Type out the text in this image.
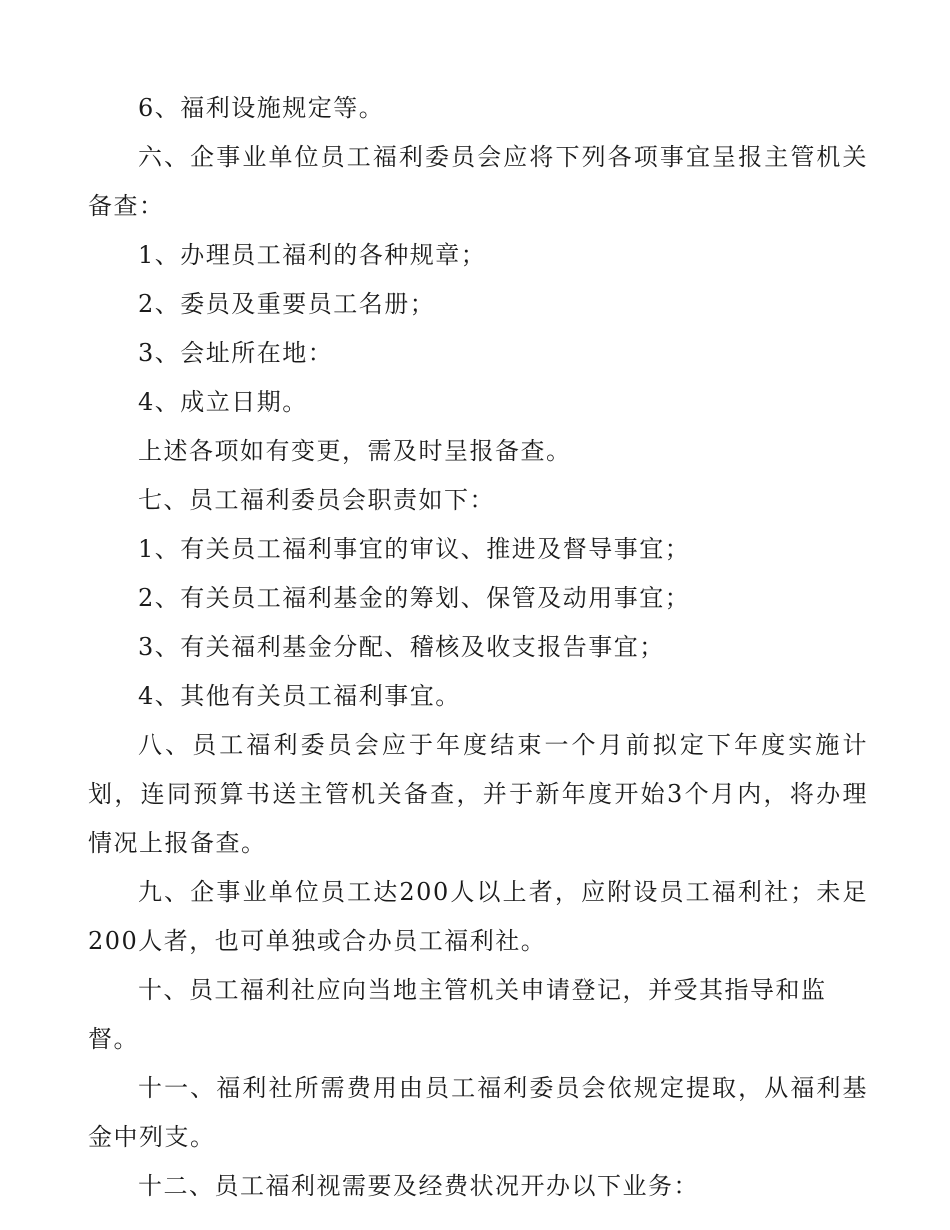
6、福利设施规定等。

六、企事业单位员工福利委员会应将下列各项事宜呈报主管机关备查：

1、办理员工福利的各种规章；

2、委员及重要员工名册；

3、会址所在地：

4、成立日期。

上述各项如有变更，需及时呈报备查。

七、员工福利委员会职责如下：

1、有关员工福利事宜的审议、推进及督导事宜；

2、有关员工福利基金的筹划、保管及动用事宜；

3、有关福利基金分配、稽核及收支报告事宜；

4、其他有关员工福利事宜。

八、员工福利委员会应于年度结束一个月前拟定下年度实施计划，连同预算书送主管机关备查，并于新年度开始3个月内，将办理情况上报备查。

九、企事业单位员工达200人以上者，应附设员工福利社；未足200人者，也可单独或合办员工福利社。

十、员工福利社应向当地主管机关申请登记，并受其指导和监督。

十一、福利社所需费用由员工福利委员会依规定提取，从福利基金中列支。

十二、员工福利视需要及经费状况开办以下业务：
